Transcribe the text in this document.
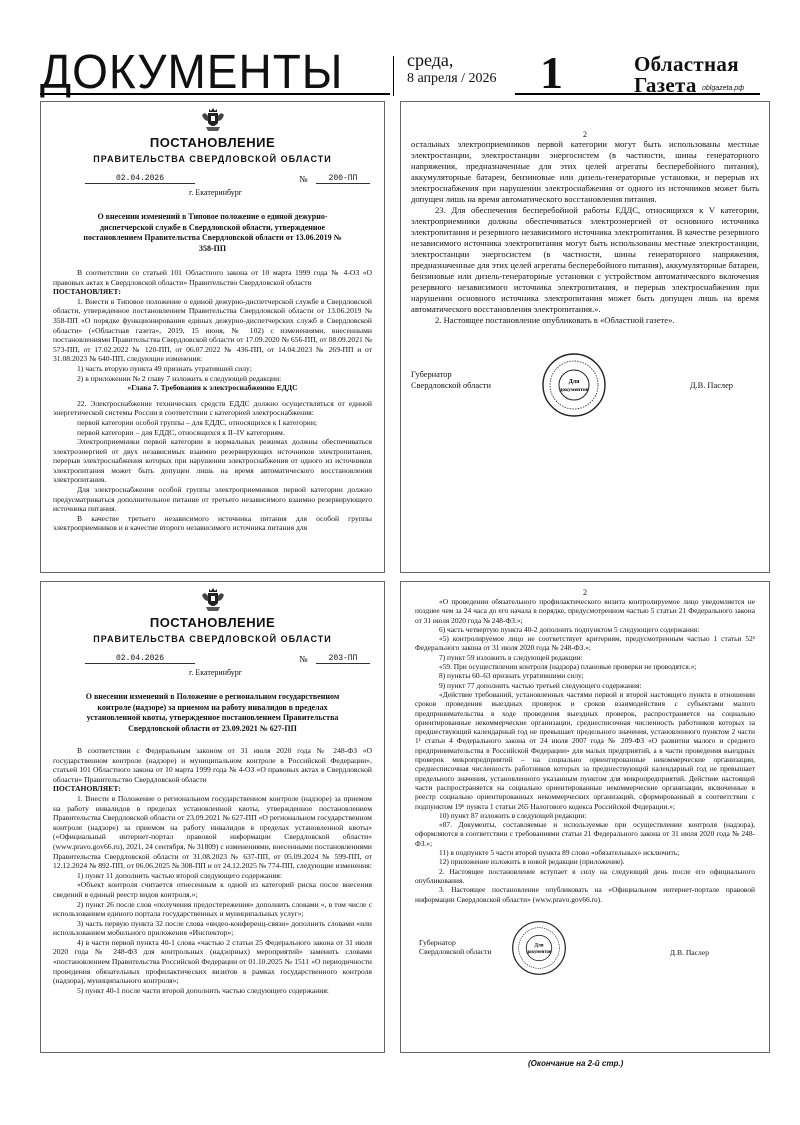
ДОКУМЕНТЫ	среда,
8 апреля / 2026 1	Областная
Газета oblgazeta.рф
ПОСТАНОВЛЕНИЕ
ПРАВИТЕЛЬСТВА СВЕРДЛОВСКОЙ ОБЛАСТИ
02.04.2026	№	200-ПП
г. Екатеринбург
О внесении изменений в Типовое положение о единой дежурно-диспетчерской службе в Свердловской области, утвержденное постановлением Правительства Свердловской области от 13.06.2019 № 358-ПП

В соответствии со статьей 101 Областного закона от 10 марта 1999 года № 4-ОЗ «О правовых актах в Свердловской области» Правительство Свердловской области

ПОСТАНОВЛЯЕТ:

1. Внести в Типовое положение о единой дежурно-диспетчерской службе в Свердловской области, утвержденное постановлением Правительства Свердловской области от 13.06.2019 № 358-ПП «О порядке функционирования единых дежурно-диспетчерских служб в Свердловской области» («Областная газета», 2019, 15 июня, № 102) с изменениями, внесенными постановлениями Правительства Свердловской области от 17.09.2020 № 656-ПП, от 08.09.2021 № 573-ПП, от 17.02.2022 № 120-ПП, от 06.07.2022 № 436-ПП, от 14.04.2023 № 269-ПП и от 31.08.2023 № 640-ПП, следующие изменения:

1) часть вторую пункта 49 признать утратившей силу;

2) в приложении № 2 главу 7 изложить в следующей редакции:

«Глава 7. Требования к электроснабжению ЕДДС

22. Электроснабжение технических средств ЕДДС должно осуществляться от единой энергетической системы России в соответствии с категорией электроснабжения:

первой категории особой группы – для ЕДДС, относящихся к I категории;

первой категории – для ЕДДС, относящихся к II–IV категориям.

Электроприемники первой категории в нормальных режимах должны обеспечиваться электроэнергией от двух независимых взаимно резервирующих источников электропитания, перерыв электроснабжения которых при нарушении электроснабжения от одного из источников электропитания может быть допущен лишь на время автоматического восстановления электропитания.

Для электроснабжения особой группы электроприемников первой категории должно предусматриваться дополнительное питание от третьего независимого взаимно резервирующего источника питания.

В качестве третьего независимого источника питания для особой группы электроприемников и в качестве второго независимого источника питания для

2

остальных электроприемников первой категории могут быть использованы местные электростанции, электростанции энергосистем (в частности, шины генераторного напряжения, предназначенные для этих целей агрегаты бесперебойного питания), аккумуляторные батареи, бензиновые или дизель-генераторные установки, и перерыв их электроснабжения при нарушении электроснабжения от одного из источников может быть допущен лишь на время автоматического восстановления питания.

23. Для обеспечения бесперебойной работы ЕДДС, относящихся к V категории, электроприемники должны обеспечиваться электроэнергией от основного источника электропитания и резервного независимого источника электропитания. В качестве резервного независимого источника электропитания могут быть использованы местные электростанции, электростанции энергосистем (в частности, шины генераторного напряжения, предназначенные для этих целей агрегаты бесперебойного питания), аккумуляторные батареи, бензиновые или дизель-генераторные установки с устройством автоматического включения резервного независимого источника электропитания, и перерыв электроснабжения при нарушении основного источника электропитания может быть допущен лишь на время автоматического восстановления электропитания.».

2. Настоящее постановление опубликовать в «Областной газете».

Губернатор
Свердловской области	Для
документов	Д.В. Паслер
ПОСТАНОВЛЕНИЕ
ПРАВИТЕЛЬСТВА СВЕРДЛОВСКОЙ ОБЛАСТИ
02.04.2026	№	203-ПП
г. Екатеринбург
О внесении изменений в Положение о региональном государственном контроле (надзоре) за приемом на работу инвалидов в пределах установленной квоты, утвержденное постановлением Правительства Свердловской области от 23.09.2021 № 627-ПП

В соответствии с Федеральным законом от 31 июля 2020 года № 248-ФЗ «О государственном контроле (надзоре) и муниципальном контроле в Российской Федерации», статьей 101 Областного закона от 10 марта 1999 года № 4-ОЗ «О правовых актах в Свердловской области» Правительство Свердловской области

ПОСТАНОВЛЯЕТ:

1. Внести в Положение о региональном государственном контроле (надзоре) за приемом на работу инвалидов в пределах установленной квоты, утвержденное постановлением Правительства Свердловской области от 23.09.2021 № 627-ПП «О региональном государственном контроле (надзоре) за приемом на работу инвалидов в пределах установленной квоты» («Официальный интернет-портал правовой информации Свердловской области» (www.pravo.gov66.ru), 2021, 24 сентября, № 31809) с изменениями, внесенными постановлениями Правительства Свердловской области от 31.08.2023 № 637-ПП, от 05.09.2024 № 599-ПП, от 12.12.2024 № 892-ПП, от 06.06.2025 № 308-ПП и от 24.12.2025 № 774-ПП, следующие изменения:

1) пункт 11 дополнить частью второй следующего содержания:

«Объект контроля считается отнесенным к одной из категорий риска после внесения сведений в единый реестр видов контроля.»;

2) пункт 26 после слов «получения предостережения» дополнить словами «, в том числе с использованием единого портала государственных и муниципальных услуг»;

3) часть первую пункта 32 после слова «видео-конференц-связи» дополнить словами «или использованием мобильного приложения «Инспектор»;

4) в части первой пункта 40-1 слова «частью 2 статьи 25 Федерального закона от 31 июля 2020 года № 248-ФЗ для контрольных (надзорных) мероприятий» заменить словами «постановлением Правительства Российской Федерации от 01.10.2025 № 1511 «О периодичности проведения обязательных профилактических визитов в рамках государственного контроля (надзора), муниципального контроля»;

5) пункт 40-1 после части второй дополнить частью следующего содержания:

2

«О проведении обязательного профилактического визита контролируемое лицо уведомляется не позднее чем за 24 часа до его начала в порядке, предусмотренном частью 5 статьи 21 Федерального закона от 31 июля 2020 года № 248-ФЗ.»;

6) часть четвертую пункта 40-2 дополнить подпунктом 5 следующего содержания:

«5) контролируемое лицо не соответствует критериям, предусмотренным частью 1 статьи 52² Федерального закона от 31 июля 2020 года № 248-ФЗ.»;

7) пункт 59 изложить в следующей редакции:

«59. При осуществлении контроля (надзора) плановые проверки не проводятся.»;

8) пункты 60–63 признать утратившими силу;

9) пункт 77 дополнить частью третьей следующего содержания:

«Действие требований, установленных частями первой и второй настоящего пункта в отношении сроков проведения выездных проверок и сроков взаимодействия с субъектами малого предпринимательства в ходе проведения выездных проверок, распространяется на социально ориентированные некоммерческие организации, среднесписочная численность работников которых за предшествующий календарный год не превышает предельного значения, установленного пунктом 2 части 1¹ статьи 4 Федерального закона от 24 июля 2007 года № 209-ФЗ «О развитии малого и среднего предпринимательства в Российской Федерации» для малых предприятий, а в части проведения выездных проверок микропредприятий – на социально ориентированные некоммерческие организации, среднесписочная численность работников которых за предшествующий календарный год не превышает предельного значения, установленного указанным пунктом для микропредприятий. Действие настоящей части распространяется на социально ориентированные некоммерческие организации, включенные в реестр социально ориентированных некоммерческих организаций, сформированный в соответствии с подпунктом 19⁶ пункта 1 статьи 265 Налогового кодекса Российской Федерации.»;

10) пункт 87 изложить в следующей редакции:

«87. Документы, составляемые и используемые при осуществлении контроля (надзора), оформляются в соответствии с требованиями статьи 21 Федерального закона от 31 июля 2020 года № 248-ФЗ.»;

11) в подпункте 5 части второй пункта 89 слово «обязательных» исключить;

12) приложение изложить в новой редакции (приложение).

2. Настоящее постановление вступает в силу на следующий день после его официального опубликования.

3. Настоящее постановление опубликовать на «Официальном интернет-портале правовой информации Свердловской области» (www.pravo.gov66.ru).

Губернатор
Свердловской области
Для
документов	Д.В. Паслер
(Окончание на 2-й стр.)
